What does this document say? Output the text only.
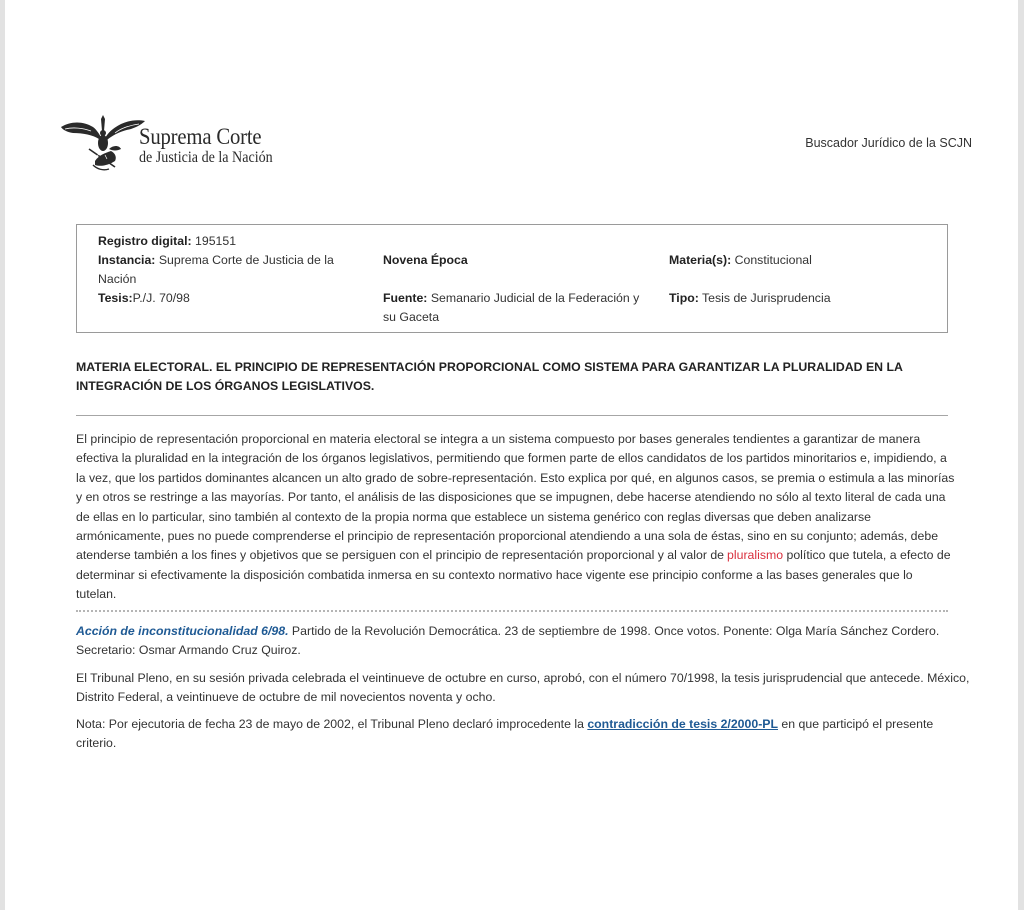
Suprema Corte
de Justicia de la Nación
Buscador Jurídico de la SCJN
Registro digital: 195151
Instancia: Suprema Corte de Justicia de la Nación
Tesis:P./J. 70/98
Novena Época
Fuente: Semanario Judicial de la Federación y su Gaceta
Materia(s): Constitucional
Tipo: Tesis de Jurisprudencia
MATERIA ELECTORAL. EL PRINCIPIO DE REPRESENTACIÓN PROPORCIONAL COMO SISTEMA PARA GARANTIZAR LA PLURALIDAD EN LA INTEGRACIÓN DE LOS ÓRGANOS LEGISLATIVOS.
El principio de representación proporcional en materia electoral se integra a un sistema compuesto por bases generales tendientes a garantizar de manera efectiva la pluralidad en la integración de los órganos legislativos, permitiendo que formen parte de ellos candidatos de los partidos minoritarios e, impidiendo, a la vez, que los partidos dominantes alcancen un alto grado de sobre-representación. Esto explica por qué, en algunos casos, se premia o estimula a las minorías y en otros se restringe a las mayorías. Por tanto, el análisis de las disposiciones que se impugnen, debe hacerse atendiendo no sólo al texto literal de cada una de ellas en lo particular, sino también al contexto de la propia norma que establece un sistema genérico con reglas diversas que deben analizarse armónicamente, pues no puede comprenderse el principio de representación proporcional atendiendo a una sola de éstas, sino en su conjunto; además, debe atenderse también a los fines y objetivos que se persiguen con el principio de representación proporcional y al valor de pluralismo político que tutela, a efecto de determinar si efectivamente la disposición combatida inmersa en su contexto normativo hace vigente ese principio conforme a las bases generales que lo tutelan.
Acción de inconstitucionalidad 6/98. Partido de la Revolución Democrática. 23 de septiembre de 1998. Once votos. Ponente: Olga María Sánchez Cordero. Secretario: Osmar Armando Cruz Quiroz.
El Tribunal Pleno, en su sesión privada celebrada el veintinueve de octubre en curso, aprobó, con el número 70/1998, la tesis jurisprudencial que antecede. México, Distrito Federal, a veintinueve de octubre de mil novecientos noventa y ocho.
Nota: Por ejecutoria de fecha 23 de mayo de 2002, el Tribunal Pleno declaró improcedente la contradicción de tesis 2/2000-PL en que participó el presente criterio.
